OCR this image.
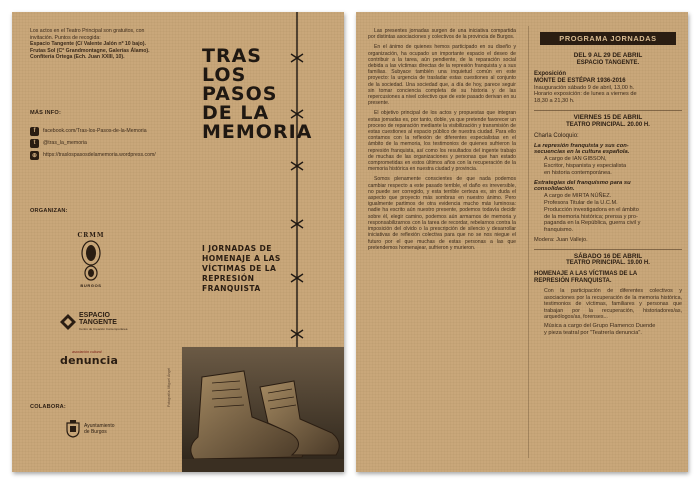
Los actos en el Teatro Principal son gratuitos, con
invitación. Puntos de recogida:
Espacio Tangente (C/ Valente Jalón nº 10 bajo).
Frutas Sol (Cª Grandmontagne, Galerías Álamo).
Confitería Ortega (Ech. Juan XXIII, 10).
MÁS INFO:
f	facebook.com/Tras-los-Pasos-de-la-Memoria
t	@tras_la_memoria
⊕	https://traslospasosdelamemoria.wordpress.com/
ORGANIZAN:
CRMM
BURGOS
ESPACIO
TANGENTE
Centro de Creación Contemporánea
asociación cultural
denuncia
COLABORA:
Ayuntamiento
de Burgos
TRAS
LOS
PASOS
DE LA
MEMORIA
I JORNADAS DE HOMENAJE A LAS VÍCTIMAS DE LA REPRESIÓN FRANQUISTA
Fotografía: Miguel Ángel

Las presentes jornadas surgen de una iniciativa compartida por distintas asociaciones y colectivos de la provincia de Burgos.

En el ánimo de quienes hemos participado en su diseño y organización, ha ocupado un importante espacio el deseo de contribuir a la tarea, aún pendiente, de la reparación social debida a las víctimas directas de la represión franquista y a sus familias. Subyace también una inquietud común en este proyecto: la urgencia de trasladar estas cuestiones al conjunto de la sociedad. Una sociedad que, a día de hoy, parece seguir sin tomar conciencia completa de su historia y de las repercusiones a nivel colectivo que de este pasado derivan en su presente.

El objetivo principal de los actos y propuestas que integran estas jornadas es, por tanto, doble, ya que pretende favorecer un proceso de reparación mediante la visibilización y transmisión de estas cuestiones al espacio público de nuestra ciudad. Para ello contamos con la reflexión de diferentes especialistas en el ámbito de la memoria, los testimonios de quienes sufrieron la represión franquista, así como los resultados del ingente trabajo de muchas de las organizaciones y personas que han estado comprometidas en estos últimos años con la recuperación de la memoria histórica en nuestra ciudad y provincia.

Somos plenamente conscientes de que nada podemos cambiar respecto a este pasado terrible, el daño es irreversible, no puede ser corregido, y esta terrible certeza es, sin duda el aspecto que proyecto más sombras en nuestro ánimo. Pero igualmente partimos de otra evidencia mucho más luminosa: nadie ha escrito aún nuestro presente, podemos todavía decidir sobre él, elegir camino, podemos aún armarnos de memoria y responsabilizarnos con la tarea de recordar, rebelarnos contra la imposición del olvido o la prescripción de silencio y desarrollar iniciativas de reflexión colectiva para que no se nos niegue el futuro por el que muchas de estas personas a las que pretendemos homenajear, sufrieron y murieron.

PROGRAMA JORNADAS
DEL 9 AL 29 DE ABRIL
ESPACIO TANGENTE.
Exposición
MONTE DE ESTÉPAR 1936-2016
Inauguración sábado 9 de abril, 13,00 h.
Horario exposición: de lunes a viernes de
18,30 a 21,30 h.
VIERNES 15 DE ABRIL
TEATRO PRINCIPAL. 20.00 H.
Charla Coloquio:
La represión franquista y sus con-
secuencias en la cultura española.
A cargo de IAN GIBSON,
Escritor, hispanista y especialista
en historia contemporánea.
Estrategias del franquismo para su
consolidación.
A cargo de MIRTA NÚÑEZ.
Profesora Titular de la U.C.M.
Producción investigadora en el ámbito
de la memoria histórica; prensa y pro-
paganda en la República, guerra civil y
franquismo.
Modera: Juan Vallejo.
SÁBADO 16 DE ABRIL
TEATRO PRINCIPAL. 19.00 H.
HOMENAJE A LAS VÍCTIMAS DE LA
REPRESIÓN FRANQUISTA.
Con la participación de diferentes colectivos y asociaciones por la recuperación de la memoria histórica, testimonios de víctimas, familiares y personas que trabajan por la recuperación, historiadores/as, arqueólogos/as, forenses...
Música a cargo del Grupo Flamenco Duende
y pieza teatral por "Teatrería denuncia".
